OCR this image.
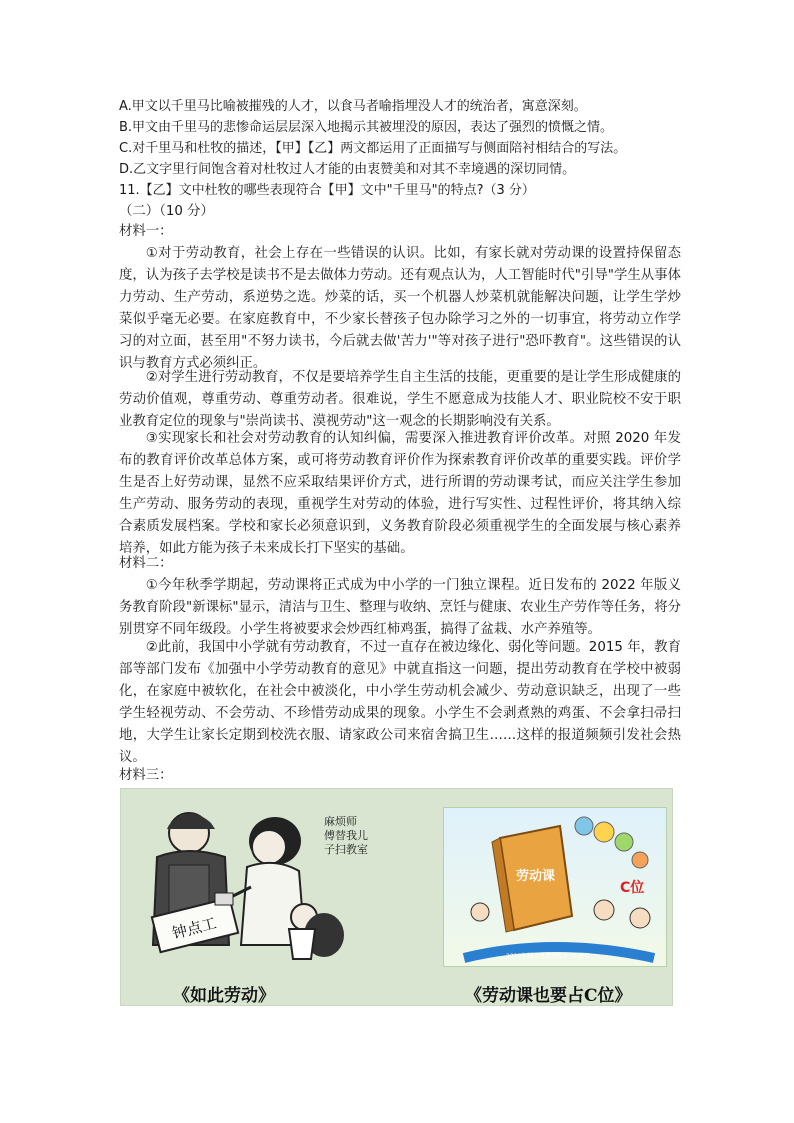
A.甲文以千里马比喻被摧残的人才，以食马者喻指埋没人才的统治者，寓意深刻。
B.甲文由千里马的悲惨命运层层深入地揭示其被埋没的原因，表达了强烈的愤慨之情。
C.对千里马和杜牧的描述，【甲】【乙】两文都运用了正面描写与侧面陪衬相结合的写法。
D.乙文字里行间饱含着对杜牧过人才能的由衷赞美和对其不幸境遇的深切同情。
11.【乙】文中杜牧的哪些表现符合【甲】文中"千里马"的特点?（3 分）
（二）（10 分）
材料一：
①对于劳动教育，社会上存在一些错误的认识。比如，有家长就对劳动课的设置持保留态度，认为孩子去学校是读书不是去做体力劳动。还有观点认为，人工智能时代"引导"学生从事体力劳动、生产劳动，系逆势之选。炒菜的话，买一个机器人炒菜机就能解决问题，让学生学炒菜似乎毫无必要。在家庭教育中，不少家长替孩子包办除学习之外的一切事宜，将劳动立作学习的对立面，甚至用"不努力读书，今后就去做'苦力'"等对孩子进行"恐吓教育"。这些错误的认识与教育方式必须纠正。
②对学生进行劳动教育，不仅是要培养学生自主生活的技能，更重要的是让学生形成健康的劳动价值观，尊重劳动、尊重劳动者。很难说，学生不愿意成为技能人才、职业院校不安于职业教育定位的现象与"崇尚读书、漠视劳动"这一观念的长期影响没有关系。
③实现家长和社会对劳动教育的认知纠偏，需要深入推进教育评价改革。对照 2020 年发布的教育评价改革总体方案，或可将劳动教育评价作为探索教育评价改革的重要实践。评价学生是否上好劳动课，显然不应采取结果评价方式，进行所谓的劳动课考试，而应关注学生参加生产劳动、服务劳动的表现，重视学生对劳动的体验，进行写实性、过程性评价，将其纳入综合素质发展档案。学校和家长必须意识到，义务教育阶段必须重视学生的全面发展与核心素养培养，如此方能为孩子未来成长打下坚实的基础。
材料二：
①今年秋季学期起，劳动课将正式成为中小学的一门独立课程。近日发布的 2022 年版义务教育阶段"新课标"显示，清洁与卫生、整理与收纳、烹饪与健康、农业生产劳作等任务，将分别贯穿不同年级段。小学生将被要求会炒西红柿鸡蛋，搞得了盆栽、水产养殖等。
②此前，我国中小学就有劳动教育，不过一直存在被边缘化、弱化等问题。2015 年，教育部等部门发布《加强中小学劳动教育的意见》中就直指这一问题，提出劳动教育在学校中被弱化，在家庭中被软化，在社会中被淡化，中小学生劳动机会减少、劳动意识缺乏，出现了一些学生轻视劳动、不会劳动、不珍惜劳动成果的现象。小学生不会剥煮熟的鸡蛋、不会拿扫帚扫地，大学生让家长定期到校洗衣服、请家政公司来宿舍搞卫生……这样的报道频频引发社会热议。
材料三：
钟点工
麻烦师 傅替我儿 子扫教室
劳动课
C位
2022年版义务教育阶段"新课标"
《如此劳动》	《劳动课也要占C位》
